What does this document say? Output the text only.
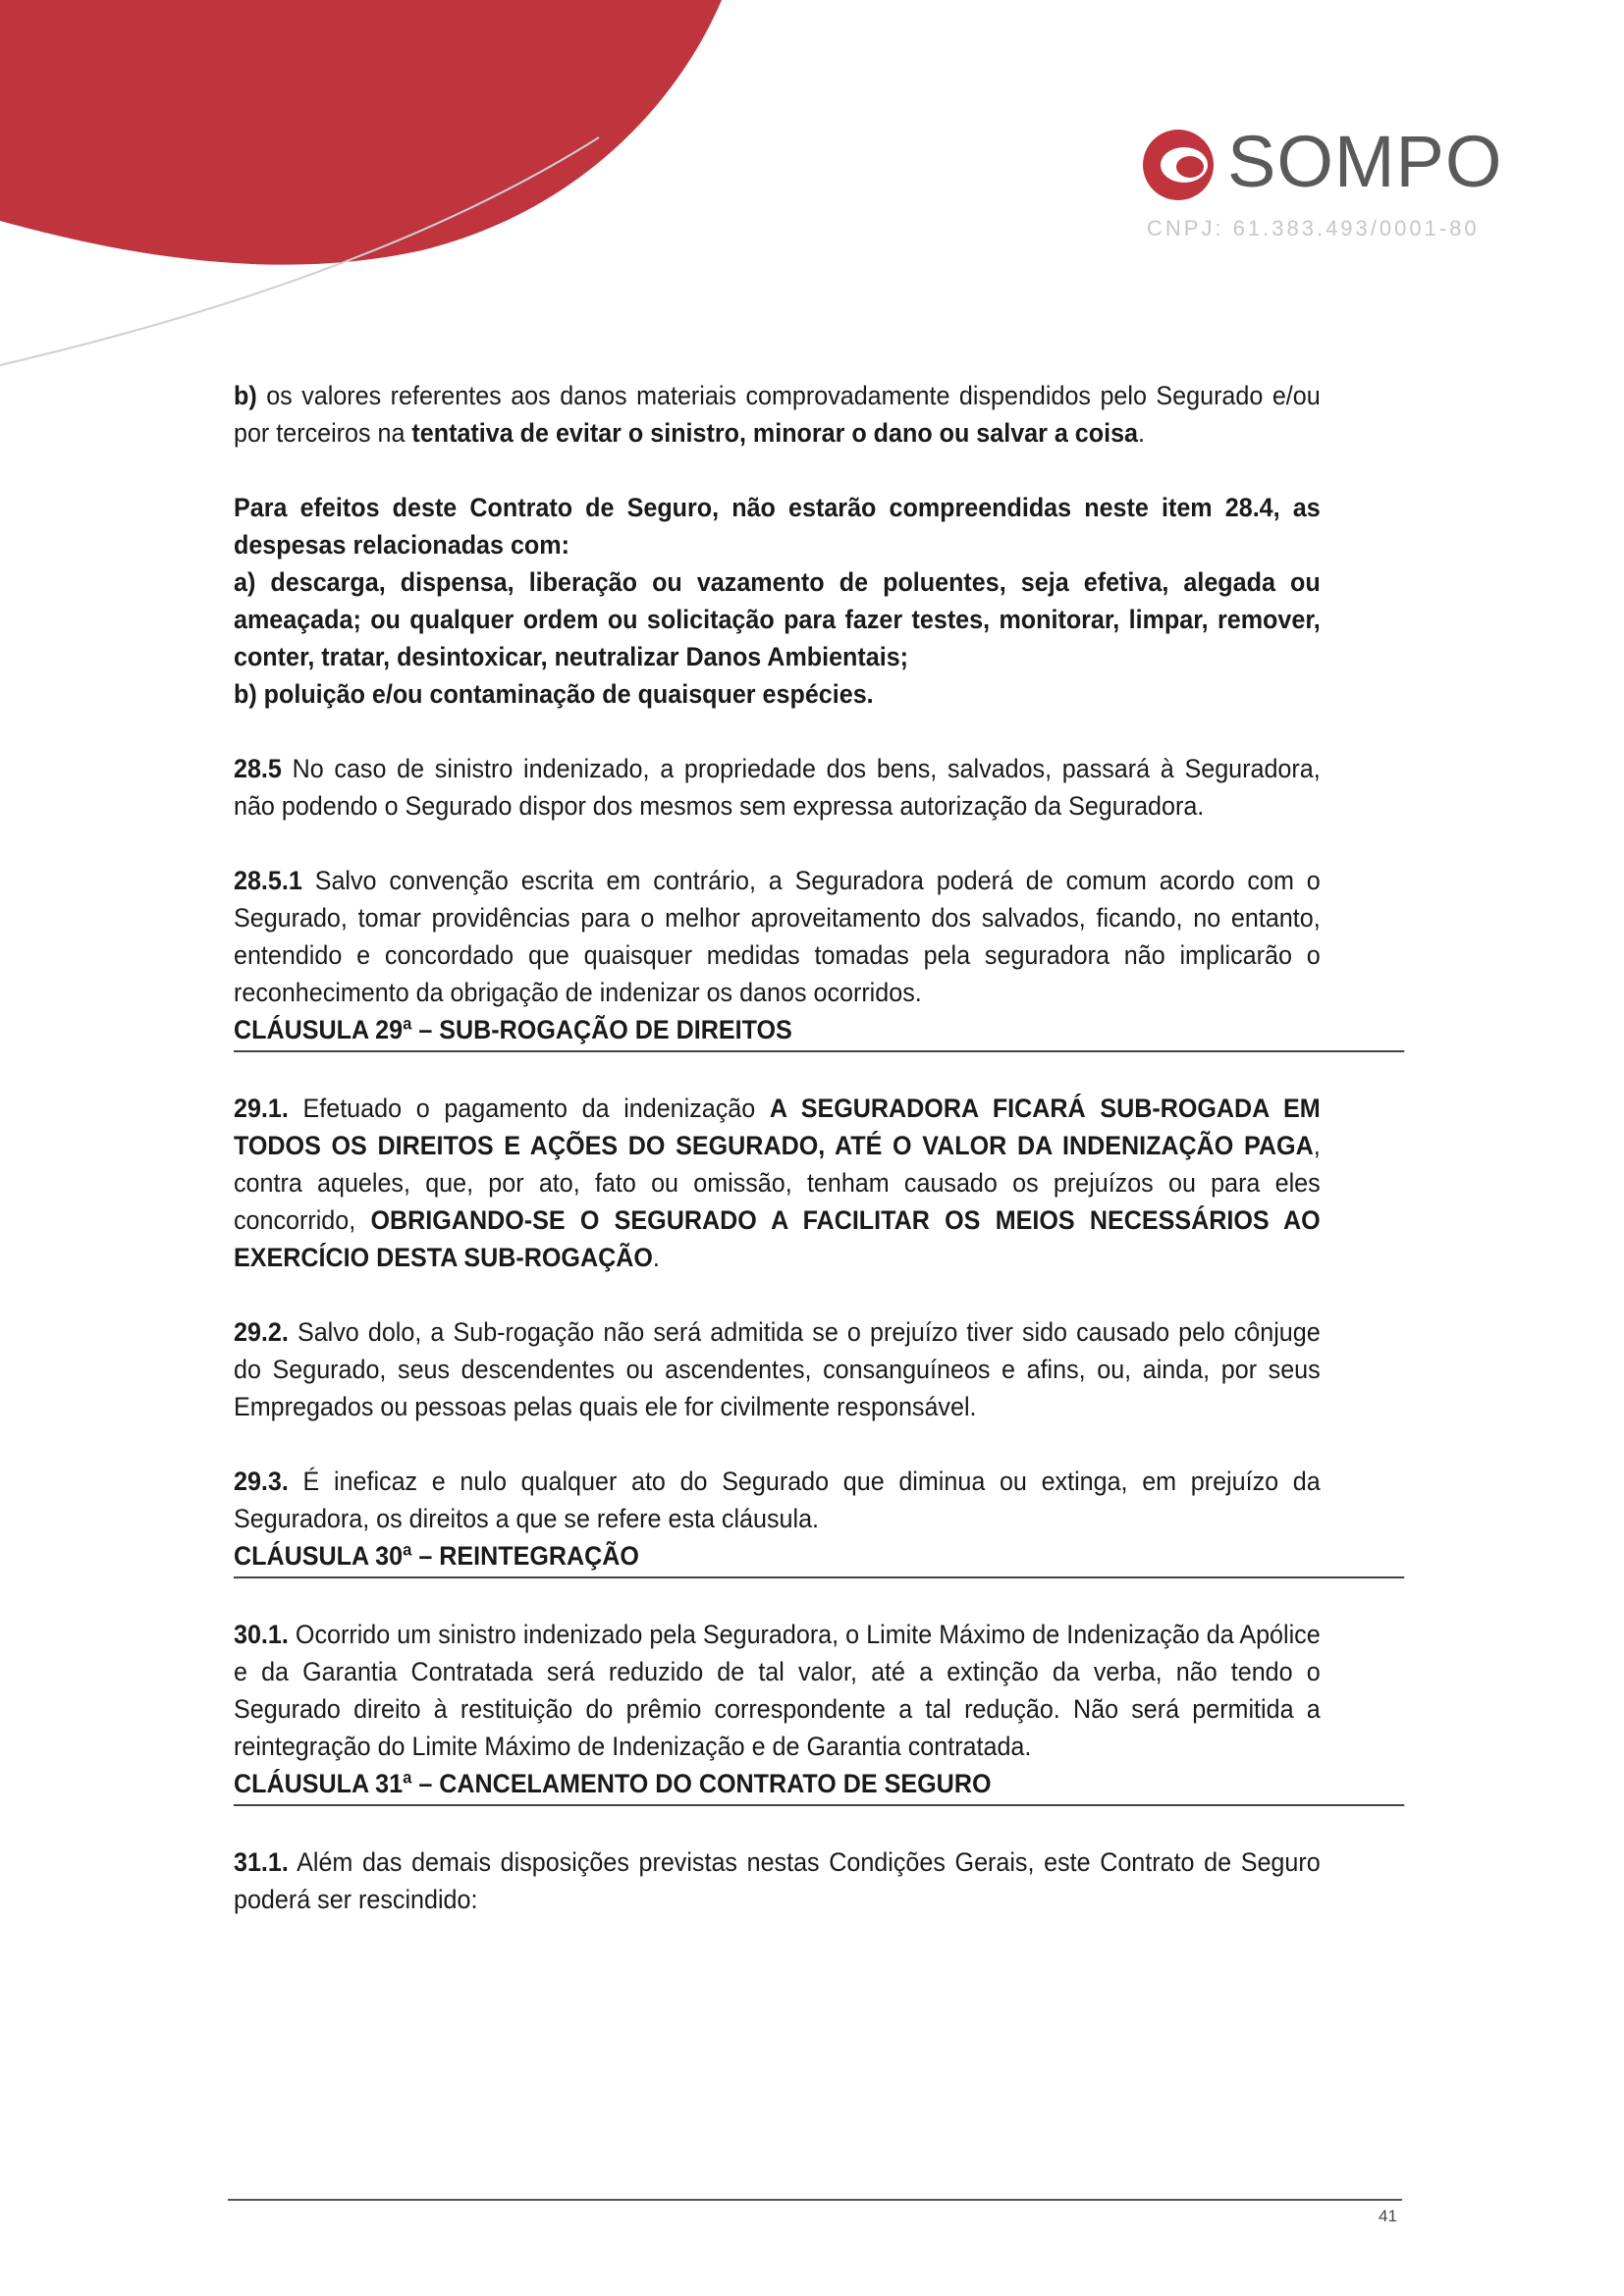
SOMPO
CNPJ: 61.383.493/0001-80

b) os valores referentes aos danos materiais comprovadamente dispendidos pelo Segurado e/ou por terceiros na tentativa de evitar o sinistro, minorar o dano ou salvar a coisa.

Para efeitos deste Contrato de Seguro, não estarão compreendidas neste item 28.4, as despesas relacionadas com:

a) descarga, dispensa, liberação ou vazamento de poluentes, seja efetiva, alegada ou ameaçada; ou qualquer ordem ou solicitação para fazer testes, monitorar, limpar, remover, conter, tratar, desintoxicar, neutralizar Danos Ambientais;

b) poluição e/ou contaminação de quaisquer espécies.

28.5 No caso de sinistro indenizado, a propriedade dos bens, salvados, passará à Seguradora, não podendo o Segurado dispor dos mesmos sem expressa autorização da Seguradora.

28.5.1 Salvo convenção escrita em contrário, a Seguradora poderá de comum acordo com o Segurado, tomar providências para o melhor aproveitamento dos salvados, ficando, no entanto, entendido e concordado que quaisquer medidas tomadas pela seguradora não implicarão o reconhecimento da obrigação de indenizar os danos ocorridos.

CLÁUSULA 29ª – SUB-ROGAÇÃO DE DIREITOS

29.1. Efetuado o pagamento da indenização A SEGURADORA FICARÁ SUB-ROGADA EM TODOS OS DIREITOS E AÇÕES DO SEGURADO, ATÉ O VALOR DA INDENIZAÇÃO PAGA, contra aqueles, que, por ato, fato ou omissão, tenham causado os prejuízos ou para eles concorrido, OBRIGANDO-SE O SEGURADO A FACILITAR OS MEIOS NECESSÁRIOS AO EXERCÍCIO DESTA SUB-ROGAÇÃO.

29.2. Salvo dolo, a Sub-rogação não será admitida se o prejuízo tiver sido causado pelo cônjuge do Segurado, seus descendentes ou ascendentes, consanguíneos e afins, ou, ainda, por seus Empregados ou pessoas pelas quais ele for civilmente responsável.

29.3. É ineficaz e nulo qualquer ato do Segurado que diminua ou extinga, em prejuízo da Seguradora, os direitos a que se refere esta cláusula.

CLÁUSULA 30ª – REINTEGRAÇÃO

30.1. Ocorrido um sinistro indenizado pela Seguradora, o Limite Máximo de Indenização da Apólice e da Garantia Contratada será reduzido de tal valor, até a extinção da verba, não tendo o Segurado direito à restituição do prêmio correspondente a tal redução. Não será permitida a reintegração do Limite Máximo de Indenização e de Garantia contratada.

CLÁUSULA 31ª – CANCELAMENTO DO CONTRATO DE SEGURO

31.1. Além das demais disposições previstas nestas Condições Gerais, este Contrato de Seguro poderá ser rescindido:

41
